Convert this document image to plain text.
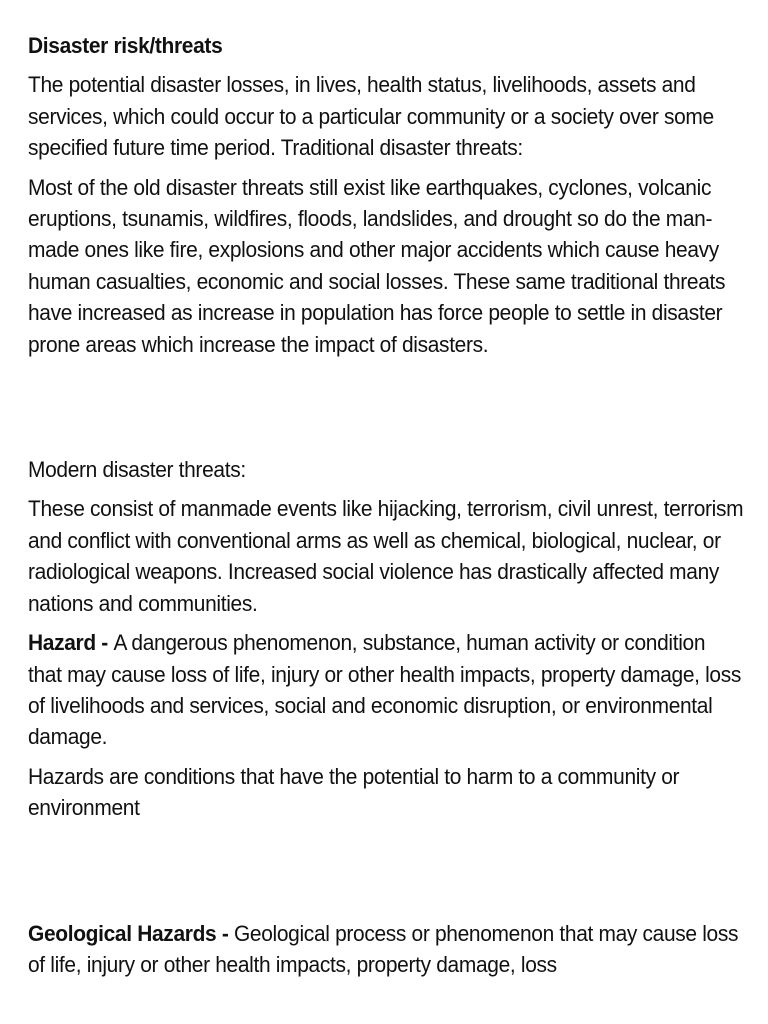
Disaster risk/threats

The potential disaster losses, in lives, health status, livelihoods, assets and services, which could occur to a particular community or a society over some specified future time period. Traditional disaster threats:

Most of the old disaster threats still exist like earthquakes, cyclones, volcanic eruptions, tsunamis, wildfires, floods, landslides, and drought so do the man-made ones like fire, explosions and other major accidents which cause heavy human casualties, economic and social losses. These same traditional threats have increased as increase in population has force people to settle in disaster prone areas which increase the impact of disasters.

Modern disaster threats:

These consist of manmade events like hijacking, terrorism, civil unrest, terrorism and conflict with conventional arms as well as chemical, biological, nuclear, or radiological weapons. Increased social violence has drastically affected many nations and communities.

Hazard - A dangerous phenomenon, substance, human activity or condition that may cause loss of life, injury or other health impacts, property damage, loss of livelihoods and services, social and economic disruption, or environmental damage.

Hazards are conditions that have the potential to harm to a community or environment

Geological Hazards - Geological process or phenomenon that may cause loss of life, injury or other health impacts, property damage, loss
